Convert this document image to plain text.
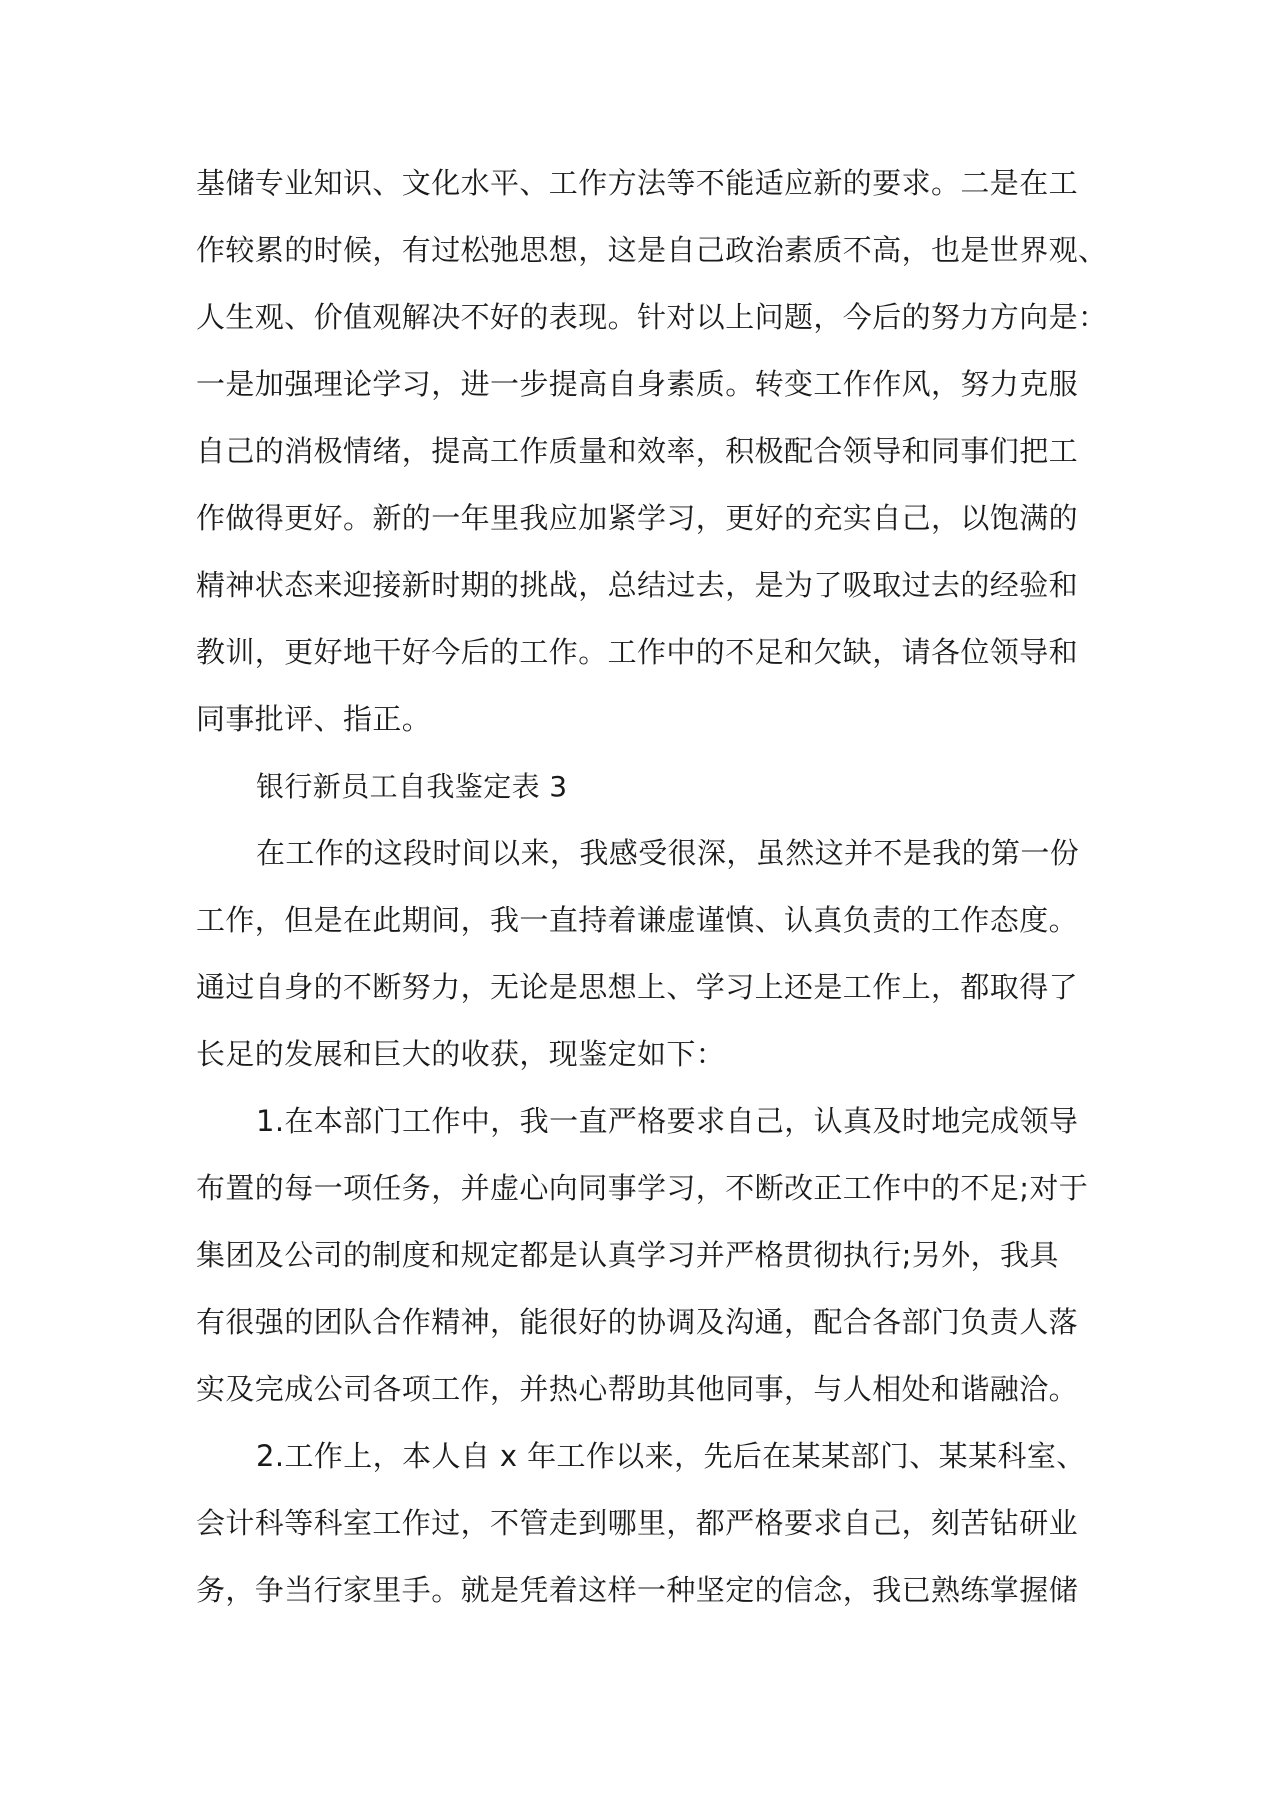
基储专业知识、文化水平、工作方法等不能适应新的要求。二是在工
作较累的时候，有过松弛思想，这是自己政治素质不高，也是世界观、
人生观、价值观解决不好的表现。针对以上问题，今后的努力方向是：
一是加强理论学习，进一步提高自身素质。转变工作作风，努力克服
自己的消极情绪，提高工作质量和效率，积极配合领导和同事们把工
作做得更好。新的一年里我应加紧学习，更好的充实自己，以饱满的
精神状态来迎接新时期的挑战，总结过去，是为了吸取过去的经验和
教训，更好地干好今后的工作。工作中的不足和欠缺，请各位领导和
同事批评、指正。
银行新员工自我鉴定表 3
在工作的这段时间以来，我感受很深，虽然这并不是我的第一份
工作，但是在此期间，我一直持着谦虚谨慎、认真负责的工作态度。
通过自身的不断努力，无论是思想上、学习上还是工作上，都取得了
长足的发展和巨大的收获，现鉴定如下：
1.在本部门工作中，我一直严格要求自己，认真及时地完成领导
布置的每一项任务，并虚心向同事学习，不断改正工作中的不足;对于
集团及公司的制度和规定都是认真学习并严格贯彻执行;另外，我具
有很强的团队合作精神，能很好的协调及沟通，配合各部门负责人落
实及完成公司各项工作，并热心帮助其他同事，与人相处和谐融洽。
2.工作上，本人自 x 年工作以来，先后在某某部门、某某科室、
会计科等科室工作过，不管走到哪里，都严格要求自己，刻苦钻研业
务，争当行家里手。就是凭着这样一种坚定的信念，我已熟练掌握储
